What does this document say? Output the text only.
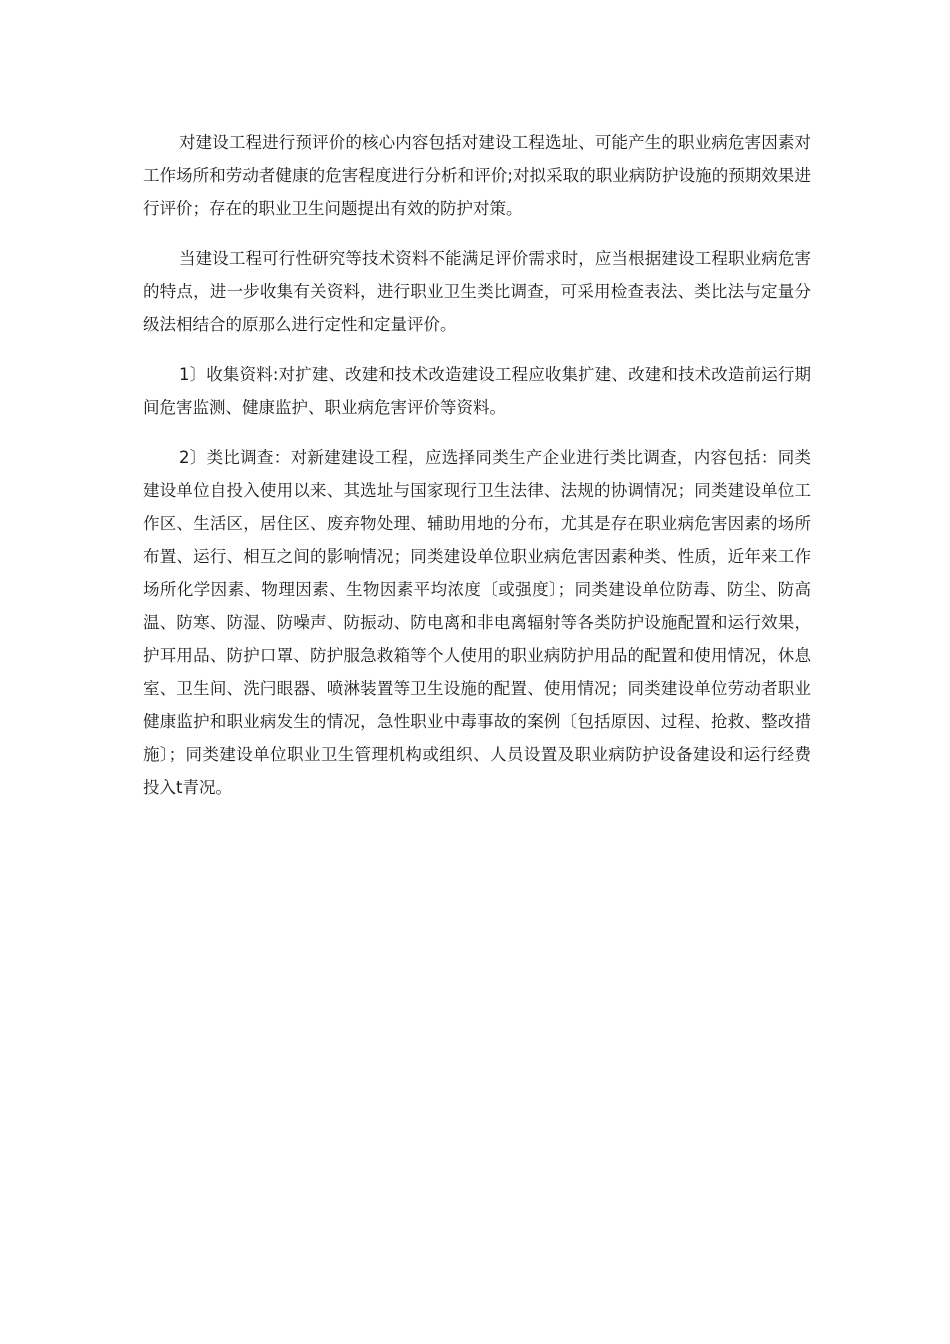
对建设工程进行预评价的核心内容包括对建设工程选址、可能产生的职业病危害因素对工作场所和劳动者健康的危害程度进行分析和评价;对拟采取的职业病防护设施的预期效果进行评价；存在的职业卫生问题提出有效的防护对策。

当建设工程可行性研究等技术资料不能满足评价需求时，应当根据建设工程职业病危害的特点，进一步收集有关资料，进行职业卫生类比调查，可采用检查表法、类比法与定量分级法相结合的原那么进行定性和定量评价。

1〕收集资料:对扩建、改建和技术改造建设工程应收集扩建、改建和技术改造前运行期间危害监测、健康监护、职业病危害评价等资料。

2〕类比调查：对新建建设工程，应选择同类生产企业进行类比调查，内容包括：同类建设单位自投入使用以来、其选址与国家现行卫生法律、法规的协调情况；同类建设单位工作区、生活区，居住区、废弃物处理、辅助用地的分布，尤其是存在职业病危害因素的场所布置、运行、相互之间的影响情况；同类建设单位职业病危害因素种类、性质，近年来工作场所化学因素、物理因素、生物因素平均浓度〔或强度〕；同类建设单位防毒、防尘、防高温、防寒、防湿、防噪声、防振动、防电离和非电离辐射等各类防护设施配置和运行效果，护耳用品、防护口罩、防护服急救箱等个人使用的职业病防护用品的配置和使用情况，休息室、卫生间、洗闩眼器、喷淋装置等卫生设施的配置、使用情况；同类建设单位劳动者职业健康监护和职业病发生的情况，急性职业中毒事故的案例〔包括原因、过程、抢救、整改措施〕；同类建设单位职业卫生管理机构或组织、人员设置及职业病防护设备建设和运行经费投入t青况。
